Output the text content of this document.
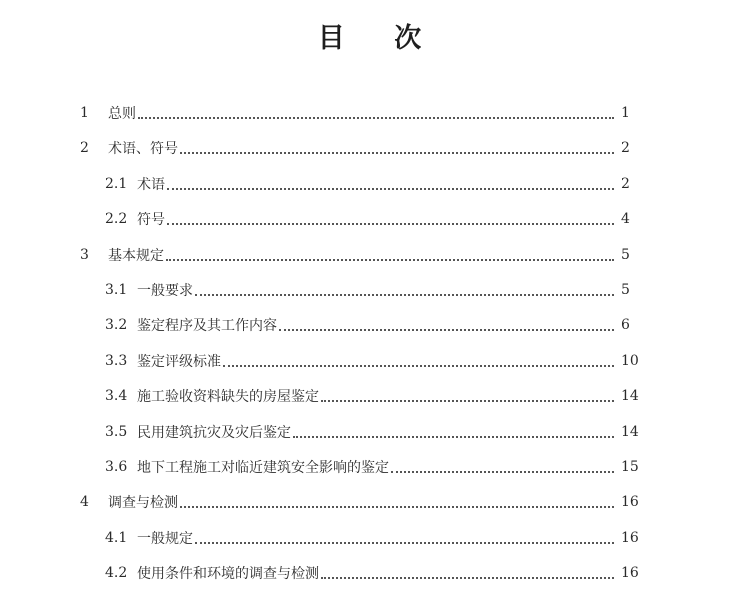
目 次
1 总则	1
2 术语、符号	2
2.1 术语	2
2.2 符号	4
3 基本规定	5
3.1 一般要求	5
3.2 鉴定程序及其工作内容	6
3.3 鉴定评级标准	10
3.4 施工验收资料缺失的房屋鉴定	14
3.5 民用建筑抗灾及灾后鉴定	14
3.6 地下工程施工对临近建筑安全影响的鉴定	15
4 调查与检测	16
4.1 一般规定	16
4.2 使用条件和环境的调查与检测	16
